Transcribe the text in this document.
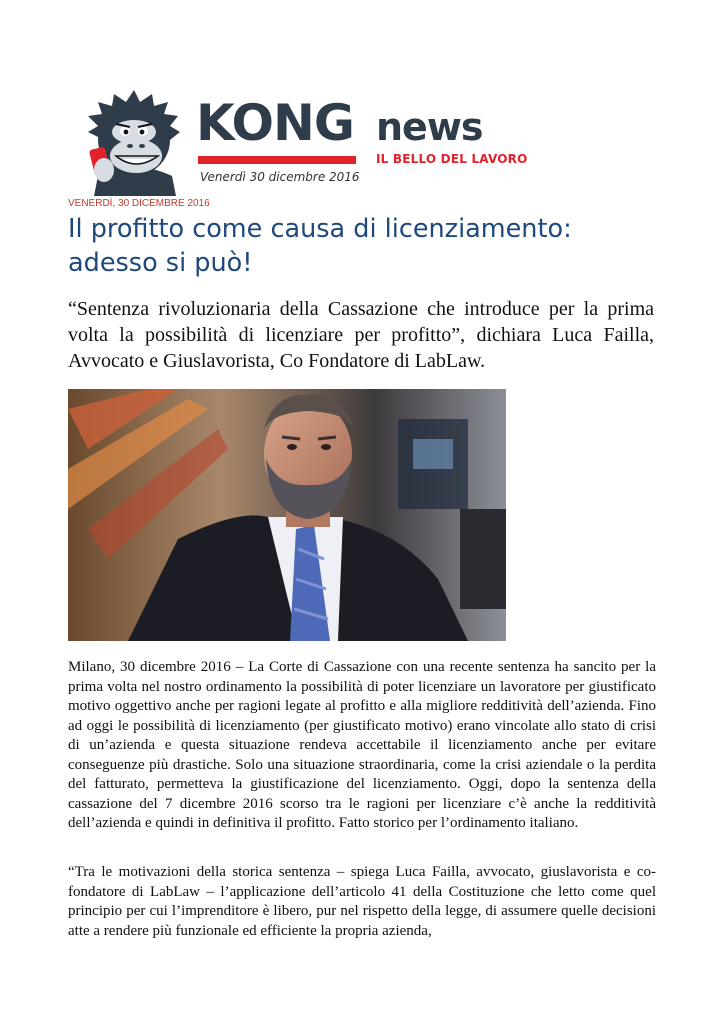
KONG news
IL BELLO DEL LAVORO
Venerdì 30 dicembre 2016
VENERDÌ, 30 DICEMBRE 2016
Il profitto come causa di licenziamento: adesso si può!

“Sentenza rivoluzionaria della Cassazione che introduce per la prima volta la possibilità di licenziare per profitto”, dichiara Luca Failla, Avvocato e Giuslavorista, Co Fondatore di LabLaw.

Milano, 30 dicembre 2016 – La Corte di Cassazione con una recente sentenza ha sancito per la prima volta nel nostro ordinamento la possibilità di poter licenziare un lavoratore per giustificato motivo oggettivo anche per ragioni legate al profitto e alla migliore redditività dell’azienda. Fino ad oggi le possibilità di licenziamento (per giustificato motivo) erano vincolate allo stato di crisi di un’azienda e questa situazione rendeva accettabile il licenziamento anche per evitare conseguenze più drastiche. Solo una situazione straordinaria, come la crisi aziendale o la perdita del fatturato, permetteva la giustificazione del licenziamento. Oggi, dopo la sentenza della cassazione del 7 dicembre 2016 scorso tra le ragioni per licenziare c’è anche la redditività dell’azienda e quindi in definitiva il profitto. Fatto storico per l’ordinamento italiano.

“Tra le motivazioni della storica sentenza – spiega Luca Failla, avvocato, giuslavorista e co-fondatore di LabLaw – l’applicazione dell’articolo 41 della Costituzione che letto come quel principio per cui l’imprenditore è libero, pur nel rispetto della legge, di assumere quelle decisioni atte a rendere più funzionale ed efficiente la propria azienda,
